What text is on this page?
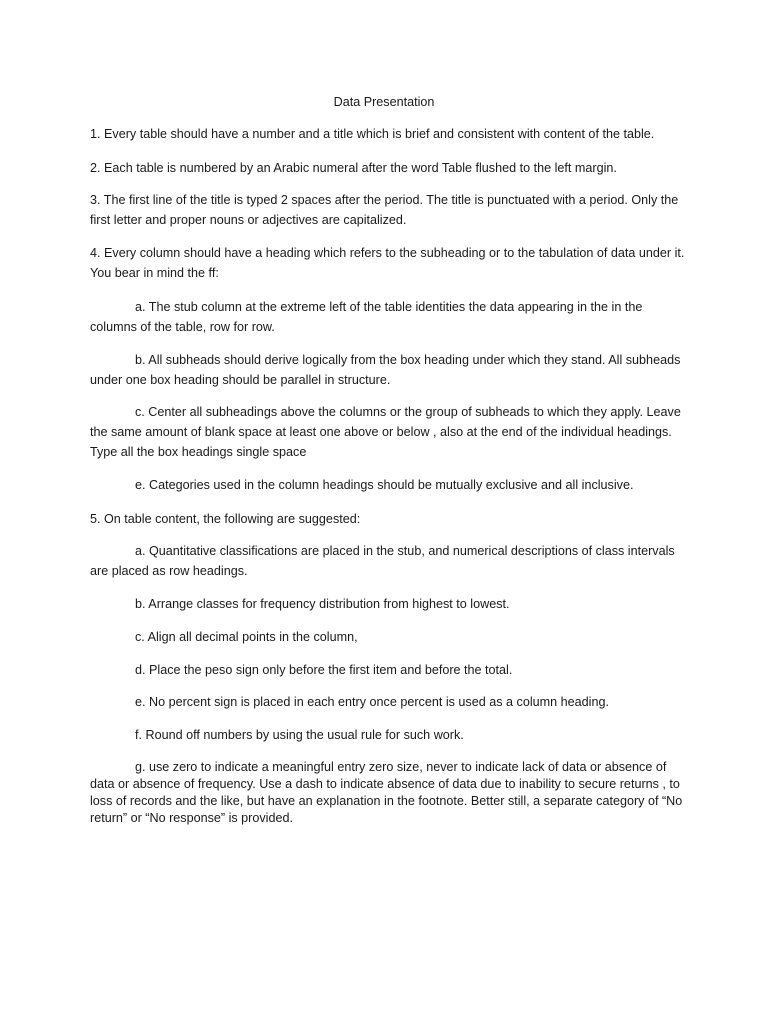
Data Presentation

1. Every table should have a number and a title which is brief and consistent with content of the table.

2. Each table is numbered by an Arabic numeral after the word Table flushed to the left margin.

3. The first line of the title is typed 2 spaces after the period. The title is punctuated with a period. Only the first letter and proper nouns or adjectives are capitalized.

4. Every column should have a heading which refers to the subheading or to the tabulation of data under it. You bear in mind the ff:

a. The stub column at the extreme left of the table identities the data appearing in the in the columns of the table, row for row.

b. All subheads should derive logically from the box heading under which they stand. All subheads under one box heading should be parallel in structure.

c. Center all subheadings above the columns or the group of subheads to which they apply. Leave the same amount of blank space at least one above or below , also at the end of the individual headings. Type all the box headings single space

e. Categories used in the column headings should be mutually exclusive and all inclusive.

5. On table content, the following are suggested:

a. Quantitative classifications are placed in the stub, and numerical descriptions of class intervals are placed as row headings.

b. Arrange classes for frequency distribution from highest to lowest.

c. Align all decimal points in the column,

d. Place the peso sign only before the first item and before the total.

e. No percent sign is placed in each entry once percent is used as a column heading.

f. Round off numbers by using the usual rule for such work.

g. use zero to indicate a meaningful entry zero size, never to indicate lack of data or absence of data or absence of frequency. Use a dash to indicate absence of data due to inability to secure returns , to loss of records and the like, but have an explanation in the footnote. Better still, a separate category of “No return” or “No response” is provided.
